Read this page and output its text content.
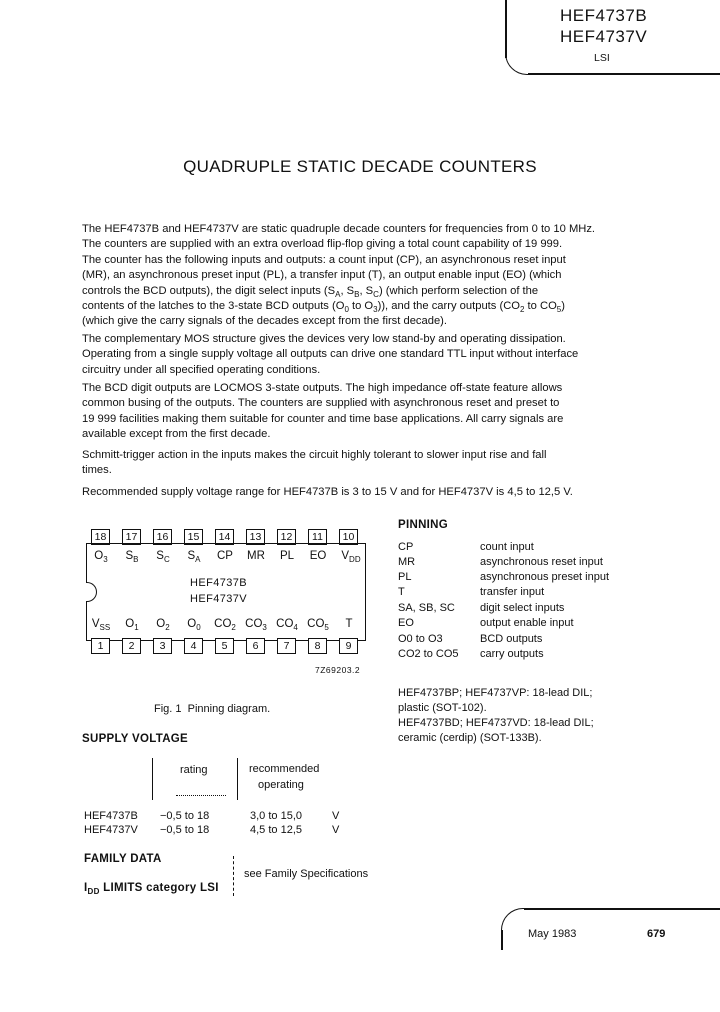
HEF4737B
HEF4737V
LSI
QUADRUPLE STATIC DECADE COUNTERS
The HEF4737B and HEF4737V are static quadruple decade counters for frequencies from 0 to 10 MHz.
The counters are supplied with an extra overload flip-flop giving a total count capability of 19 999.
The counter has the following inputs and outputs: a count input (CP), an asynchronous reset input
(MR), an asynchronous preset input (PL), a transfer input (T), an output enable input (EO) (which
controls the BCD outputs), the digit select inputs ($S_A$, $S_B$, $S_C$) (which perform selection of the
contents of the latches to the 3-state BCD outputs ($O_0$ to $O_3$)), and the carry outputs ($CO_2$ to $CO_5$)
(which give the carry signals of the decades except from the first decade).
The complementary MOS structure gives the devices very low stand-by and operating dissipation.
Operating from a single supply voltage all outputs can drive one standard TTL input without interface
circuitry under all specified operating conditions.
The BCD digit outputs are LOCMOS 3-state outputs. The high impedance off-state feature allows
common busing of the outputs. The counters are supplied with asynchronous reset and preset to
19 999 facilities making them suitable for counter and time base applications. All carry signals are
available except from the first decade.
Schmitt-trigger action in the inputs makes the circuit highly tolerant to slower input rise and fall
times.
Recommended supply voltage range for HEF4737B is 3 to 15 V and for HEF4737V is 4,5 to 12,5 V.
18	17	16	15	14	13	12	11	10
$O_3$	$S_B$	$S_C$	$S_A$	CP	MR	PL	EO	$V_{DD}$
HEF4737B
HEF4737V
$V_{SS}$	$O_1$	$O_2$	$O_0$	$CO_2$ $CO_3$ $CO_4$ $CO_5$	T
1	2	3	4	5	6	7	8	9
7Z69203.2
Fig. 1  Pinning diagram.
PINNING
CP	count input
MR	asynchronous reset input
PL	asynchronous preset input
T	transfer input
SA, SB, SC	digit select inputs
EO	output enable input
O0 to O3	BCD outputs
CO2 to CO5	carry outputs
HEF4737BP; HEF4737VP: 18-lead DIL;
plastic (SOT-102).
HEF4737BD; HEF4737VD: 18-lead DIL;
ceramic (cerdip) (SOT-133B).
SUPPLY VOLTAGE
rating	recommended
operating
HEF4737B −0,5 to 18	3,0 to 15,0	V
HEF4737V −0,5 to 18	4,5 to 12,5	V
FAMILY DATA
$I_{DD}$ LIMITS category LSI
see Family Specifications
May 1983	679
